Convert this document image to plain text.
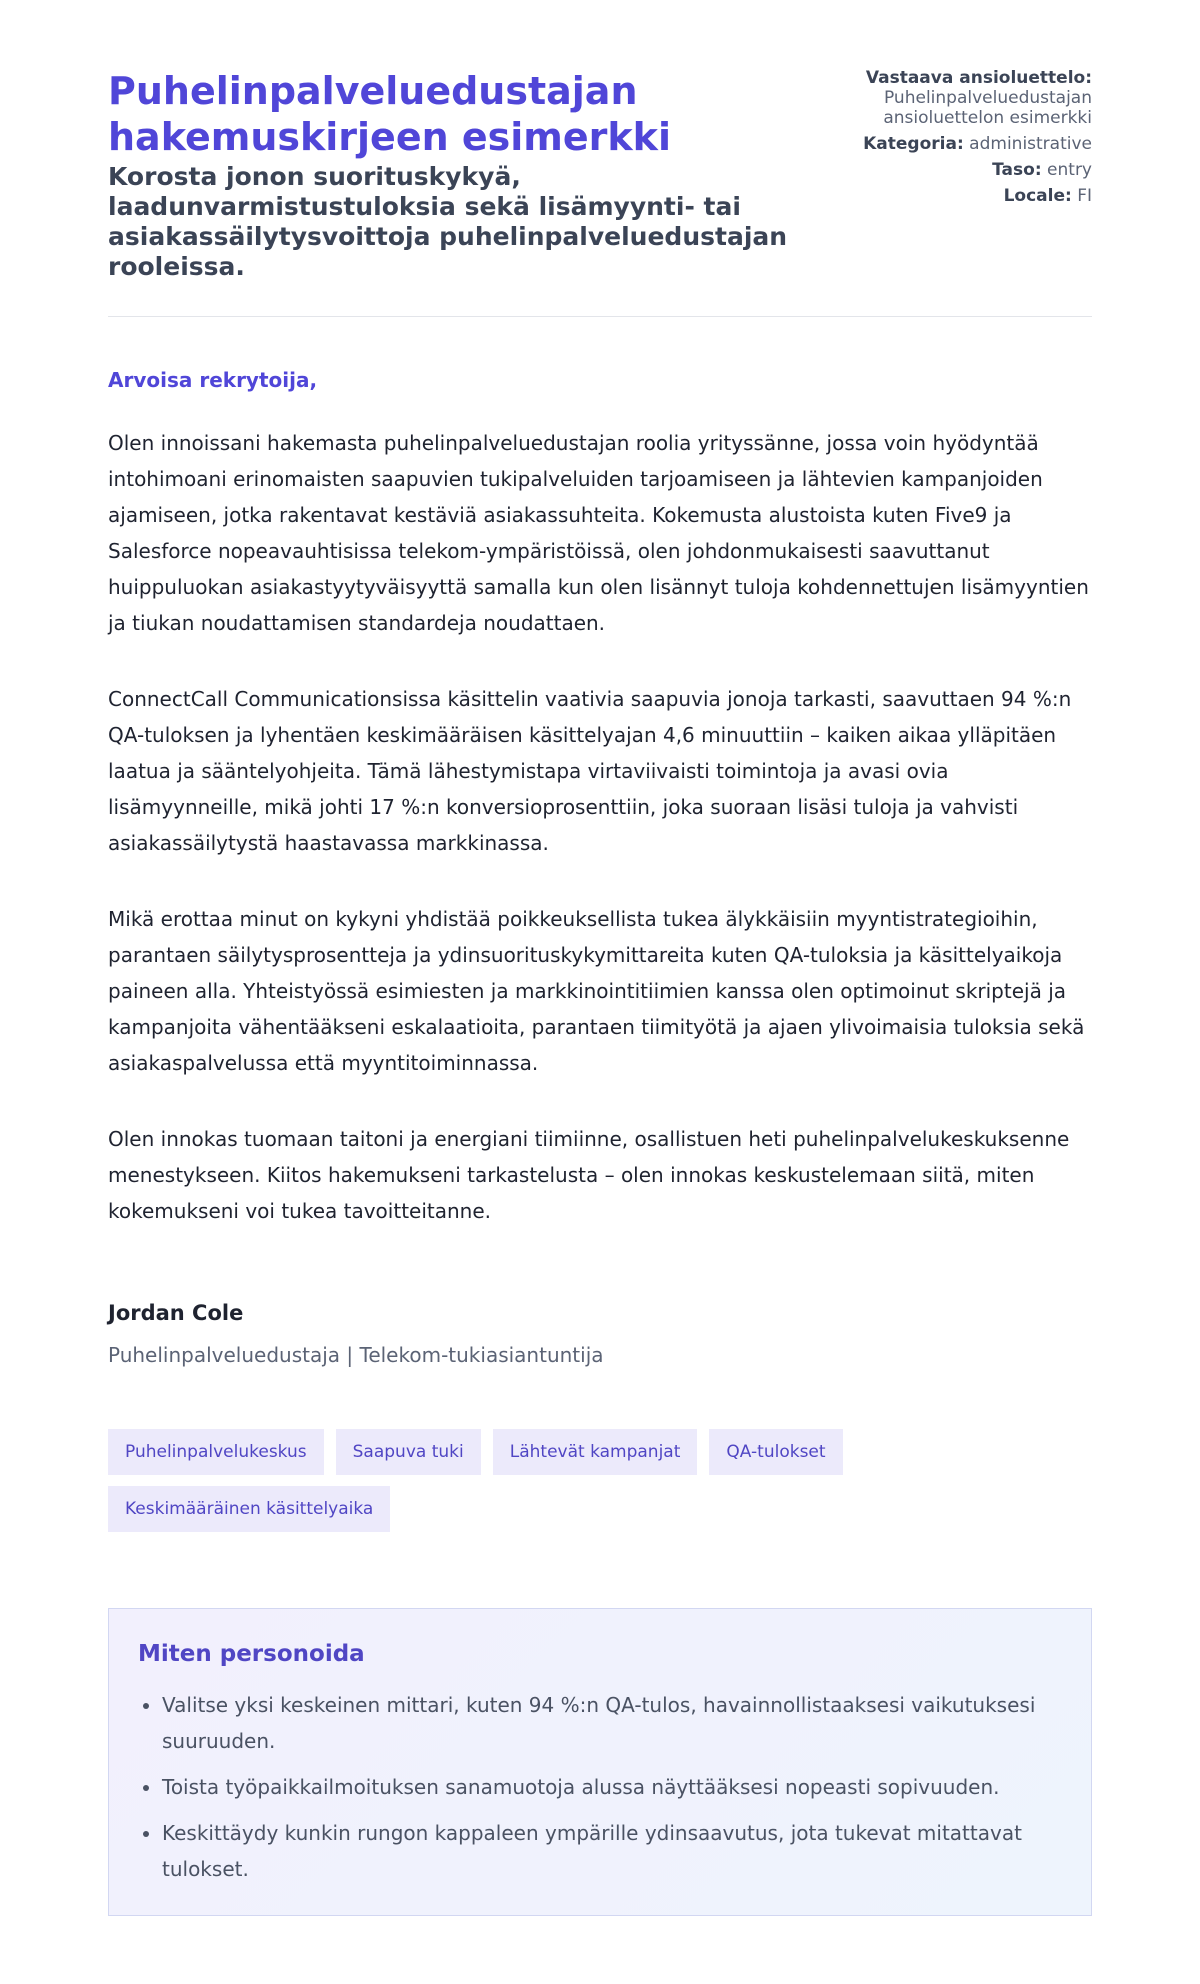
Puhelinpalveluedustajan hakemuskirjeen esimerkki

Korosta jonon suorituskykyä, laadunvarmistustuloksia sekä lisämyynti- tai asiakassäilytysvoittoja puhelinpalveluedustajan rooleissa.

Vastaava ansioluettelo:
Puhelinpalveluedustajan ansioluettelon esimerkki
Kategoria: administrative
Taso: entry
Locale: FI

Arvoisa rekrytoija,

Olen innoissani hakemasta puhelinpalveluedustajan roolia yrityssänne, jossa voin hyödyntää intohimoani erinomaisten saapuvien tukipalveluiden tarjoamiseen ja lähtevien kampanjoiden ajamiseen, jotka rakentavat kestäviä asiakassuhteita. Kokemusta alustoista kuten Five9 ja Salesforce nopeavauhtisissa telekom-ympäristöissä, olen johdonmukaisesti saavuttanut huippuluokan asiakastyytyväisyyttä samalla kun olen lisännyt tuloja kohdennettujen lisämyyntien ja tiukan noudattamisen standardeja noudattaen.

ConnectCall Communicationsissa käsittelin vaativia saapuvia jonoja tarkasti, saavuttaen 94 %:n QA-tuloksen ja lyhentäen keskimääräisen käsittelyajan 4,6 minuuttiin – kaiken aikaa ylläpitäen laatua ja sääntelyohjeita. Tämä lähestymistapa virtaviivaisti toimintoja ja avasi ovia lisämyynneille, mikä johti 17 %:n konversioprosenttiin, joka suoraan lisäsi tuloja ja vahvisti asiakassäilytystä haastavassa markkinassa.

Mikä erottaa minut on kykyni yhdistää poikkeuksellista tukea älykkäisiin myyntistrategioihin, parantaen säilytysprosentteja ja ydinsuorituskykymittareita kuten QA-tuloksia ja käsittelyaikoja paineen alla. Yhteistyössä esimiesten ja markkinointitiimien kanssa olen optimoinut skriptejä ja kampanjoita vähentääkseni eskalaatioita, parantaen tiimityötä ja ajaen ylivoimaisia tuloksia sekä asiakaspalvelussa että myyntitoiminnassa.

Olen innokas tuomaan taitoni ja energiani tiimiinne, osallistuen heti puhelinpalvelukeskuksenne menestykseen. Kiitos hakemukseni tarkastelusta – olen innokas keskustelemaan siitä, miten kokemukseni voi tukea tavoitteitanne.

Jordan Cole

Puhelinpalveluedustaja | Telekom-tukiasiantuntija

Puhelinpalvelukeskus	Saapuva tuki	Lähtevät kampanjat	QA-tulokset
Keskimääräinen käsittelyaika
Miten personoida
• Valitse yksi keskeinen mittari, kuten 94 %:n QA-tulos, havainnollistaaksesi vaikutuksesi suuruuden.
• Toista työpaikkailmoituksen sanamuotoja alussa näyttääksesi nopeasti sopivuuden.
• Keskittäydy kunkin rungon kappaleen ympärille ydinsaavutus, jota tukevat mitattavat tulokset.
